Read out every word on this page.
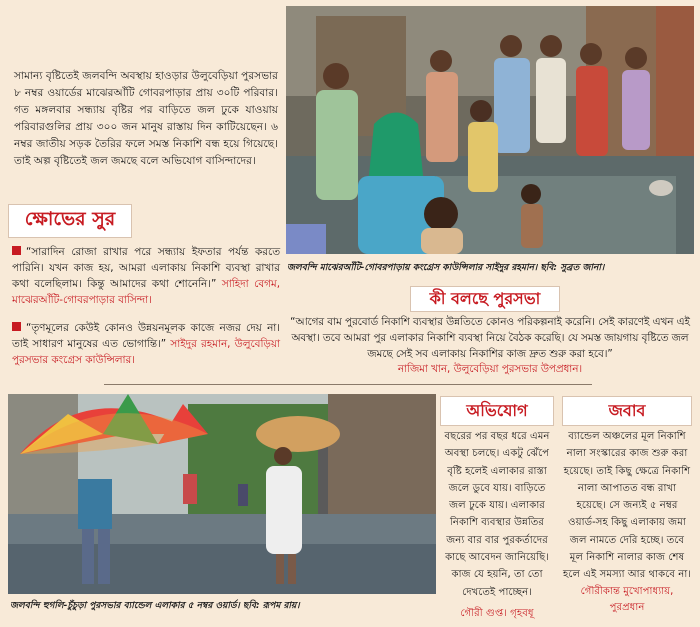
সামান্য বৃষ্টিতেই জলবন্দি অবস্থায় হাওড়ার উলুবেড়িয়া পুরসভার ৮ নম্বর ওয়ার্ডের মাঝেরআঁটি গোবরপাড়ার প্রায় ৩০টি পরিবার। গত মঙ্গলবার সন্ধ্যায় বৃষ্টির পর বাড়িতে জল ঢুকে যাওয়ায় পরিবারগুলির প্রায় ৩০০ জন মানুষ রাস্তায় দিন কাটিয়েছেন। ৬ নম্বর জাতীয় সড়ক তৈরির ফলে সমস্ত নিকাশি বন্ধ হয়ে গিয়েছে। তাই অল্প বৃষ্টিতেই জল জমছে বলে অভিযোগ বাসিন্দাদের।
ক্ষোভের সুর
“সারাদিন রোজা রাখার পরে সন্ধ্যায় ইফতার পর্যন্ত করতে পারিনি। যখন কাজ হয়, আমরা এলাকায় নিকাশি ব্যবস্থা রাখার কথা বলেছিলাম। কিন্তু আমাদের কথা শোনেনি।” সাহিদা বেগম, মাঝেরআঁটি-গোবরপাড়ার বাসিন্দা।
“তৃণমূলের কেউই কোনও উন্নয়নমূলক কাজে নজর দেয় না। তাই সাধারণ মানুষের এত ভোগান্তি।” সাইদুর রহমান, উলুবেড়িয়া পুরসভার কংগ্রেস কাউন্সিলার।
জলবন্দি মাঝেরআঁটি-গোবরপাড়ায় কংগ্রেস কাউন্সিলার সাইদুর রহমান। ছবি: সুব্রত জানা।
কী বলছে পুরসভা
“আগের বাম পুরবোর্ড নিকাশি ব্যবস্থার উন্নতিতে কোনও পরিকল্পনাই করেনি। সেই কারণেই এখন এই অবস্থা। তবে আমরা পুর এলাকার নিকাশি ব্যবস্থা নিয়ে বৈঠক করেছি। যে সমস্ত জায়গায় বৃষ্টিতে জল জমছে সেই সব এলাকায় নিকাশির কাজ দ্রুত শুরু করা হবে।”
নাজিমা খান, উলুবেড়িয়া পুরসভার উপপ্রধান।
জলবন্দি হুগলি-চুঁচুড়া পুরসভার ব্যান্ডেল এলাকার ৫ নম্বর ওয়ার্ড। ছবি: রূপম রায়।
অভিযোগ
বছরের পর বছর ধরে এমন অবস্থা চলছে। একটু ঝেঁপে বৃষ্টি হলেই এলাকার রাস্তা জলে ডুবে যায়। বাড়িতে জল ঢুকে যায়। এলাকার নিকাশি ব্যবস্থার উন্নতির জন্য বার বার পুরকর্তাদের কাছে আবেদন জানিয়েছি। কাজ যে হয়নি, তা তো দেখতেই পাচ্ছেন।
গৌরী গুপ্ত। গৃহবধূ
জবাব
ব্যান্ডেল অঞ্চলের মূল নিকাশি নালা সংস্কারের কাজ শুরু করা হয়েছে। তাই কিছু ক্ষেত্রে নিকাশি নালা আপাতত বন্ধ রাখা হয়েছে। সে জন্যই ৫ নম্বর ওয়ার্ড-সহ কিছু এলাকায় জমা জল নামতে দেরি হচ্ছে। তবে মূল নিকাশি নালার কাজ শেষ হলে এই সমস্যা আর থাকবে না।
গৌরীকান্ত মুখোপাধ্যায়, পুরপ্রধান
